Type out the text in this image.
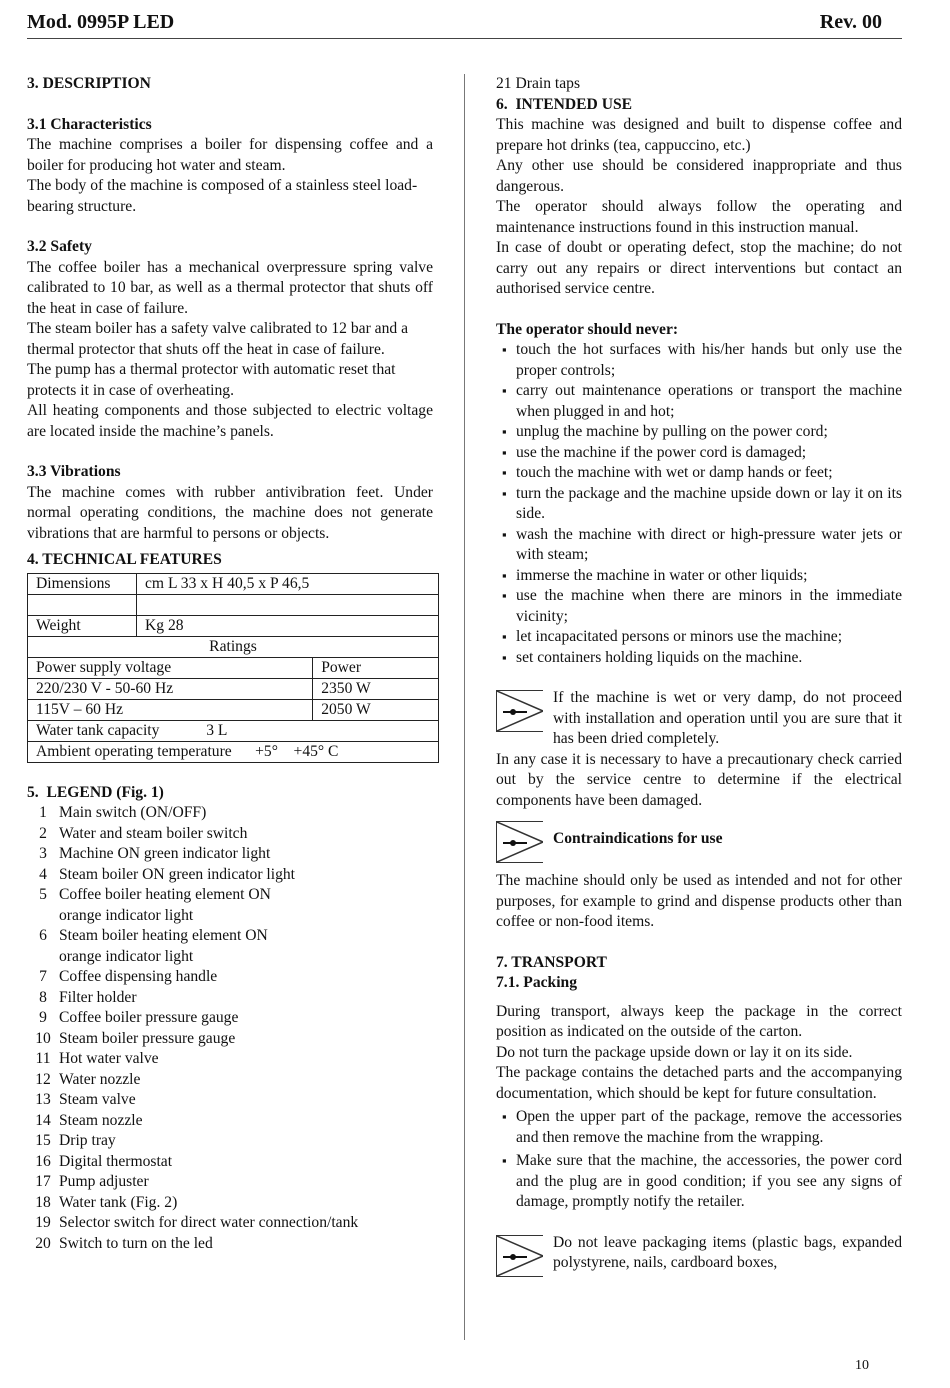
Mod. 0995P LED	Rev. 00

3. DESCRIPTION

3.1 Characteristics

The machine comprises a boiler for dispensing coffee and a boiler for producing hot water and steam.

The body of the machine is composed of a stainless steel load-bearing structure.

3.2 Safety

The coffee boiler has a mechanical overpressure spring valve calibrated to 10 bar, as well as a thermal protector that shuts off the heat in case of failure.

The steam boiler has a safety valve calibrated to 12 bar and a thermal protector that shuts off the heat in case of failure.

The pump has a thermal protector with automatic reset that protects it in case of overheating.

All heating components and those subjected to electric voltage are located inside the machine’s panels.

3.3 Vibrations

The machine comes with rubber antivibration feet. Under normal operating conditions, the machine does not generate vibrations that are harmful to persons or objects.

4. TECHNICAL FEATURES

Dimensions	cm L 33 x H 40,5 x P 46,5	

Weight	Kg 28	
Ratings		
Power supply voltage		Power
220/230 V - 50-60 Hz		2350 W
115V – 60 Hz		2050 W
Water tank capacity            3 L		
Ambient operating temperature      +5°    +45° C		

5.  LEGEND (Fig. 1)

1 Main switch (ON/OFF)
2 Water and steam boiler switch
3 Machine ON green indicator light
4 Steam boiler ON green indicator light
5 Coffee boiler heating element ON orange indicator light
6 Steam boiler heating element ON orange indicator light
7 Coffee dispensing handle
8 Filter holder
9 Coffee boiler pressure gauge
10 Steam boiler pressure gauge
11 Hot water valve
12 Water nozzle
13 Steam valve
14 Steam nozzle
15 Drip tray
16 Digital thermostat
17 Pump adjuster
18 Water tank (Fig. 2)
19 Selector switch for direct water connection/tank
20 Switch to turn on the led

21 Drain taps

6.  INTENDED USE

This machine was designed and built to dispense coffee and prepare hot drinks (tea, cappuccino, etc.)

Any other use should be considered inappropriate and thus dangerous.

The operator should always follow the operating and maintenance instructions found in this instruction manual.

In case of doubt or operating defect, stop the machine; do not carry out any repairs or direct interventions but contact an authorised service centre.

The operator should never:

▪ touch the hot surfaces with his/her hands but only use the proper controls;

▪ carry out maintenance operations or transport the machine when plugged in and hot;

▪ unplug the machine by pulling on the power cord;

▪ use the machine if the power cord is damaged;

▪ touch the machine with wet or damp hands or feet;

▪ turn the package and the machine upside down or lay it on its side.

▪ wash the machine with direct or high-pressure water jets or with steam;

▪ immerse the machine in water or other liquids;

▪ use the machine when there are minors in the immediate vicinity;

▪ let incapacitated persons or minors use the machine;

▪ set containers holding liquids on the machine.

If the machine is wet or very damp, do not proceed with installation and operation until you are sure that it has been dried completely.

In any case it is necessary to have a precautionary check carried out by the service centre to determine if the electrical components have been damaged.

Contraindications for use

The machine should only be used as intended and not for other purposes, for example to grind and dispense products other than coffee or non-food items.

7. TRANSPORT

7.1. Packing

During transport, always keep the package in the correct position as indicated on the outside of the carton.

Do not turn the package upside down or lay it on its side.

The package contains the detached parts and the accompanying documentation, which should be kept for future consultation.

▪ Open the upper part of the package, remove the accessories and then remove the machine from the wrapping.

▪ Make sure that the machine, the accessories, the power cord and the plug are in good condition; if you see any signs of damage, promptly notify the retailer.

Do not leave packaging items (plastic bags, expanded polystyrene, nails, cardboard boxes,

10
